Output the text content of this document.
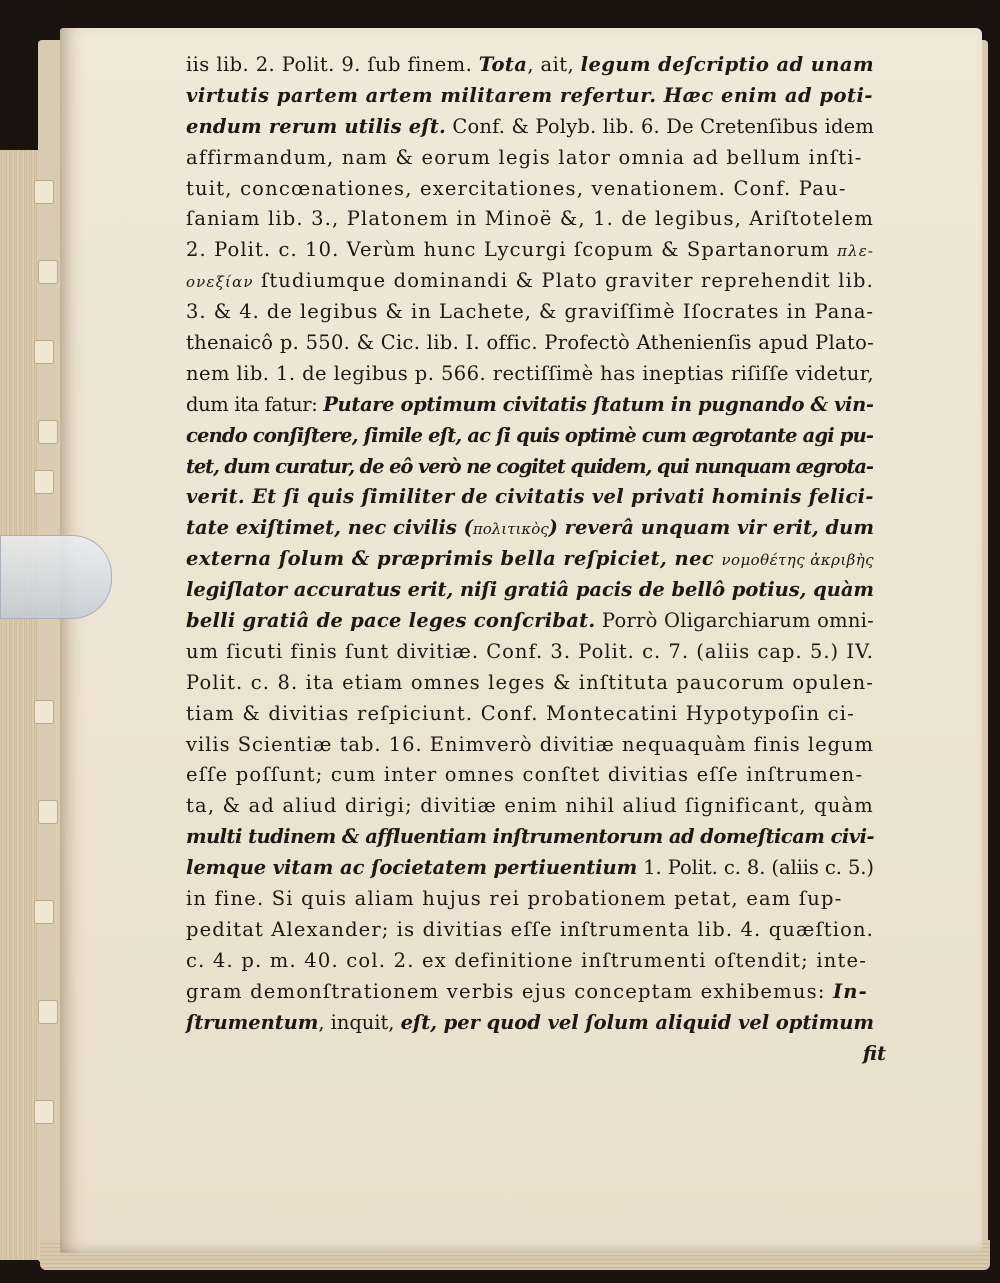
iis lib. 2. Polit. 9. ſub finem. Tota, ait, legum deſcriptio ad unam
virtutis partem artem militarem refertur. Hæc enim ad poti-
endum rerum utilis eſt. Conf. & Polyb. lib. 6. De Cretenſibus idem
affirmandum, nam & eorum legis lator omnia ad bellum inſti-
tuit, concœnationes, exercitationes, venationem. Conf. Pau-
ſaniam lib. 3., Platonem in Minoë &, 1. de legibus, Ariſtotelem
2. Polit. c. 10. Verùm hunc Lycurgi ſcopum & Spartanorum πλε-
ονεξίαν ſtudiumque dominandi & Plato graviter reprehendit lib.
3. & 4. de legibus & in Lachete, & graviſſimè Iſocrates in Pana-
thenaicô p. 550. & Cic. lib. I. offic. Profectò Athenienſis apud Plato-
nem lib. 1. de legibus p. 566. rectiſſimè has ineptias riſiſſe videtur,
dum ita fatur: Putare optimum civitatis ſtatum in pugnando & vin-
cendo conſiſtere, ſimile eſt, ac ſi quis optimè cum ægrotante agi pu-
tet, dum curatur, de eô verò ne cogitet quidem, qui nunquam ægrota-
verit. Et ſi quis ſimiliter de civitatis vel privati hominis felici-
tate exiſtimet, nec civilis (πολιτικὸς) reverâ unquam vir erit, dum
externa ſolum & præprimis bella reſpiciet, nec νομοθέτης ἀκριβὴς
legiſlator accuratus erit, niſi gratiâ pacis de bellô potius, quàm
belli gratiâ de pace leges conſcribat. Porrò Oligarchiarum omni-
um ſicuti finis ſunt divitiæ. Conf. 3. Polit. c. 7. (aliis cap. 5.) IV.
Polit. c. 8. ita etiam omnes leges & inſtituta paucorum opulen-
tiam & divitias reſpiciunt. Conf. Montecatini Hypotypoſin ci-
vilis Scientiæ tab. 16. Enimverò divitiæ nequaquàm finis legum
eſſe poſſunt; cum inter omnes conſtet divitias eſſe inſtrumen-
ta, & ad aliud dirigi; divitiæ enim nihil aliud ſignificant, quàm
multi tudinem & affluentiam inſtrumentorum ad domeſticam civi-
lemque vitam ac ſocietatem pertiuentium 1. Polit. c. 8. (aliis c. 5.)
in fine. Si quis aliam hujus rei probationem petat, eam ſup-
peditat Alexander; is divitias eſſe inſtrumenta lib. 4. quæſtion.
c. 4. p. m. 40. col. 2. ex definitione inſtrumenti oſtendit; inte-
gram demonſtrationem verbis ejus conceptam exhibemus: In-
ſtrumentum, inquit, eſt, per quod vel ſolum aliquid vel optimum
fit
